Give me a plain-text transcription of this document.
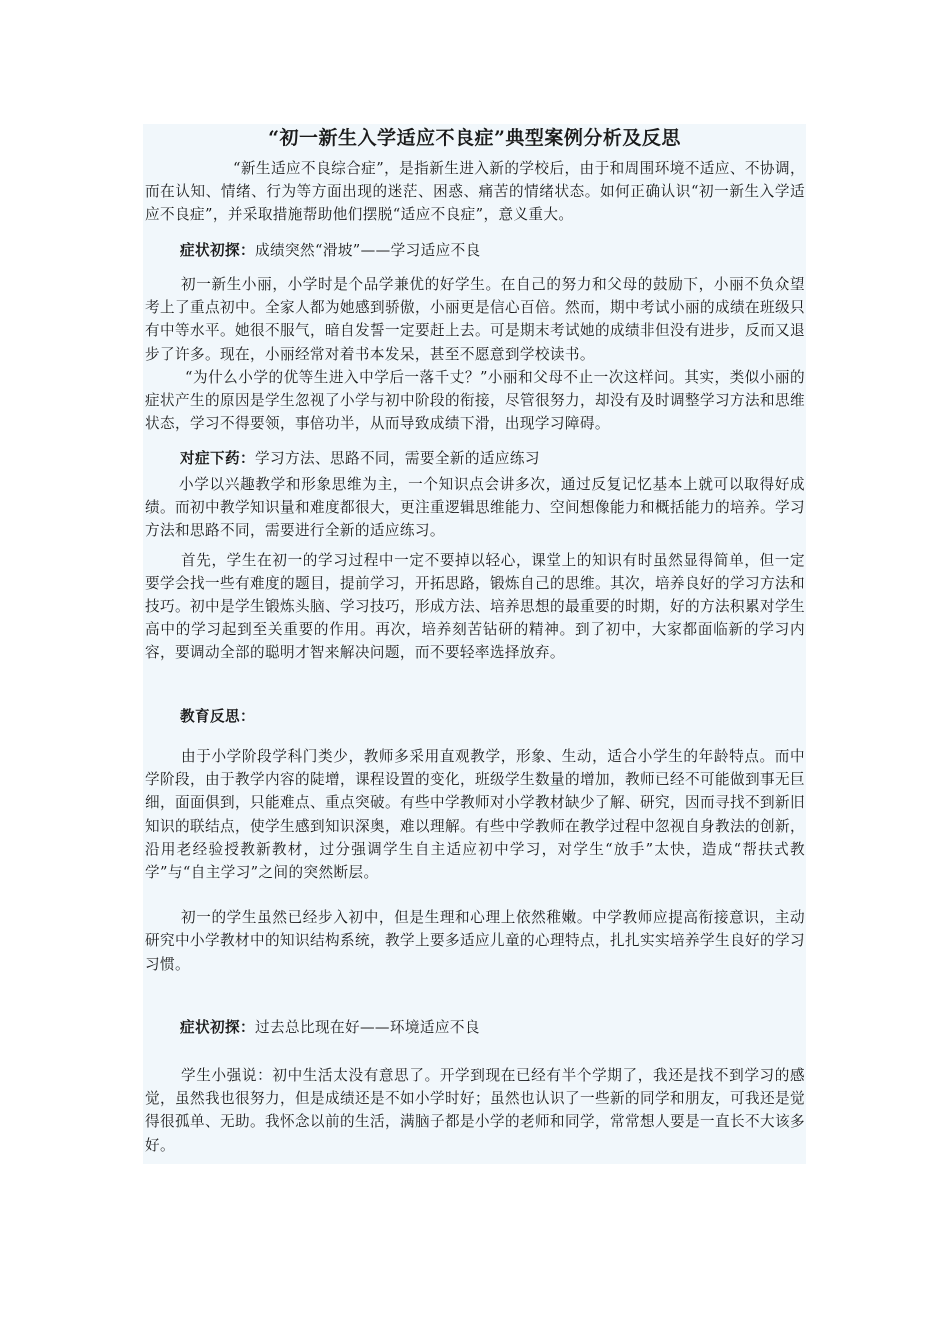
“初一新生入学适应不良症”典型案例分析及反思

“新生适应不良综合症”，是指新生进入新的学校后，由于和周围环境不适应、不协调，而在认知、情绪、行为等方面出现的迷茫、困惑、痛苦的情绪状态。如何正确认识“初一新生入学适应不良症”，并采取措施帮助他们摆脱“适应不良症”，意义重大。

症状初探：成绩突然“滑坡”——学习适应不良

初一新生小丽，小学时是个品学兼优的好学生。在自己的努力和父母的鼓励下，小丽不负众望考上了重点初中。全家人都为她感到骄傲，小丽更是信心百倍。然而，期中考试小丽的成绩在班级只有中等水平。她很不服气，暗自发誓一定要赶上去。可是期末考试她的成绩非但没有进步，反而又退步了许多。现在，小丽经常对着书本发呆，甚至不愿意到学校读书。

“为什么小学的优等生进入中学后一落千丈？”小丽和父母不止一次这样问。其实，类似小丽的症状产生的原因是学生忽视了小学与初中阶段的衔接，尽管很努力，却没有及时调整学习方法和思维状态，学习不得要领，事倍功半，从而导致成绩下滑，出现学习障碍。

对症下药：学习方法、思路不同，需要全新的适应练习

小学以兴趣教学和形象思维为主，一个知识点会讲多次，通过反复记忆基本上就可以取得好成绩。而初中教学知识量和难度都很大，更注重逻辑思维能力、空间想像能力和概括能力的培养。学习方法和思路不同，需要进行全新的适应练习。

首先，学生在初一的学习过程中一定不要掉以轻心，课堂上的知识有时虽然显得简单，但一定要学会找一些有难度的题目，提前学习，开拓思路，锻炼自己的思维。其次，培养良好的学习方法和技巧。初中是学生锻炼头脑、学习技巧，形成方法、培养思想的最重要的时期，好的方法积累对学生高中的学习起到至关重要的作用。再次，培养刻苦钻研的精神。到了初中，大家都面临新的学习内容，要调动全部的聪明才智来解决问题，而不要轻率选择放弃。

教育反思：

由于小学阶段学科门类少，教师多采用直观教学，形象、生动，适合小学生的年龄特点。而中学阶段，由于教学内容的陡增，课程设置的变化，班级学生数量的增加，教师已经不可能做到事无巨细，面面俱到，只能难点、重点突破。有些中学教师对小学教材缺少了解、研究，因而寻找不到新旧知识的联结点，使学生感到知识深奥，难以理解。有些中学教师在教学过程中忽视自身教法的创新，沿用老经验授教新教材，过分强调学生自主适应初中学习，对学生“放手”太快，造成“帮扶式教学”与“自主学习”之间的突然断层。

初一的学生虽然已经步入初中，但是生理和心理上依然稚嫩。中学教师应提高衔接意识，主动研究中小学教材中的知识结构系统，教学上要多适应儿童的心理特点，扎扎实实培养学生良好的学习习惯。

症状初探：过去总比现在好——环境适应不良

学生小强说：初中生活太没有意思了。开学到现在已经有半个学期了，我还是找不到学习的感觉，虽然我也很努力，但是成绩还是不如小学时好；虽然也认识了一些新的同学和朋友，可我还是觉得很孤单、无助。我怀念以前的生活，满脑子都是小学的老师和同学，常常想人要是一直长不大该多好。
